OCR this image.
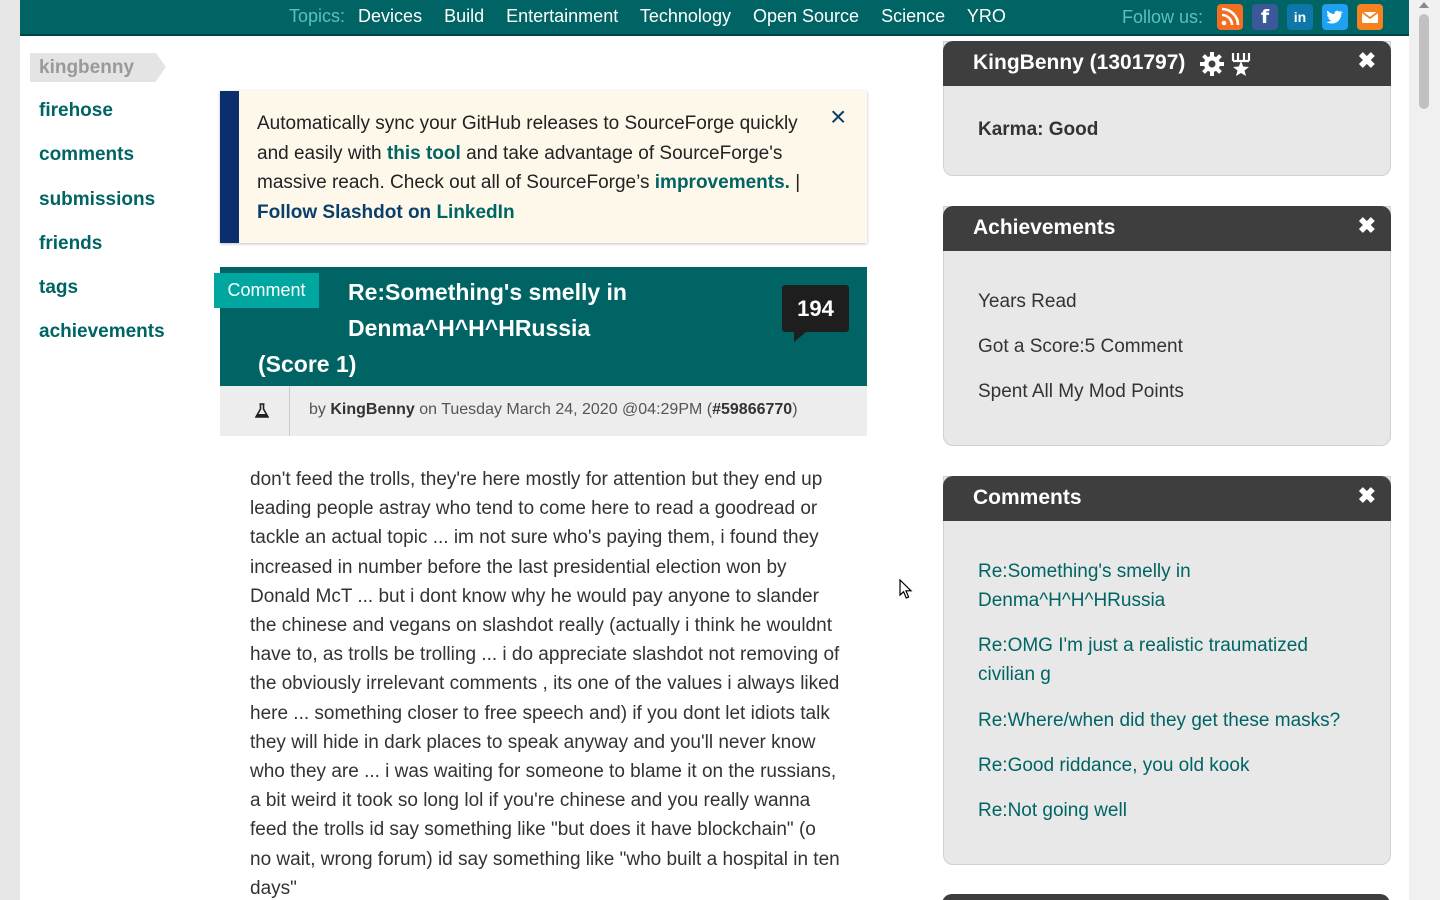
Topics: Devices Build Entertainment Technology Open Source Science YRO	Follow us:	f	in
kingbenny
firehose
comments
submissions
friends
tags
achievements
Automatically sync your GitHub releases to SourceForge quickly and easily with this tool and take advantage of SourceForge's massive reach. Check out all of SourceForge’s improvements. |
Follow Slashdot on LinkedIn
×
Comment	Re:Something's smelly in Denma^H^H^HRussia
(Score 1)
194
by KingBenny on Tuesday March 24, 2020 @04:29PM (#59866770)
don't feed the trolls, they're here mostly for attention but they end up leading people astray who tend to come here to read a goodread or tackle an actual topic ... im not sure who's paying them, i found they increased in number before the last presidential election won by Donald McT ... but i dont know why he would pay anyone to slander the chinese and vegans on slashdot really (actually i think he wouldnt have to, as trolls be trolling ... i do appreciate slashdot not removing of the obviously irrelevant comments , its one of the values i always liked here ... something closer to free speech and) if you dont let idiots talk they will hide in dark places to speak anyway and you'll never know who they are ... i was waiting for someone to blame it on the russians, a bit weird it took so long lol if you're chinese and you really wanna feed the trolls id say something like "but does it have blockchain" (o no wait, wrong forum) id say something like "who built a hospital in ten days"
KingBenny (1301797)	✖
Karma: Good
Achievements	✖
Years Read
Got a Score:5 Comment
Spent All My Mod Points
Comments	✖
Re:Something's smelly in Denma^H^H^HRussia
Re:OMG I'm just a realistic traumatized civilian g
Re:Where/when did they get these masks?
Re:Good riddance, you old kook
Re:Not going well
